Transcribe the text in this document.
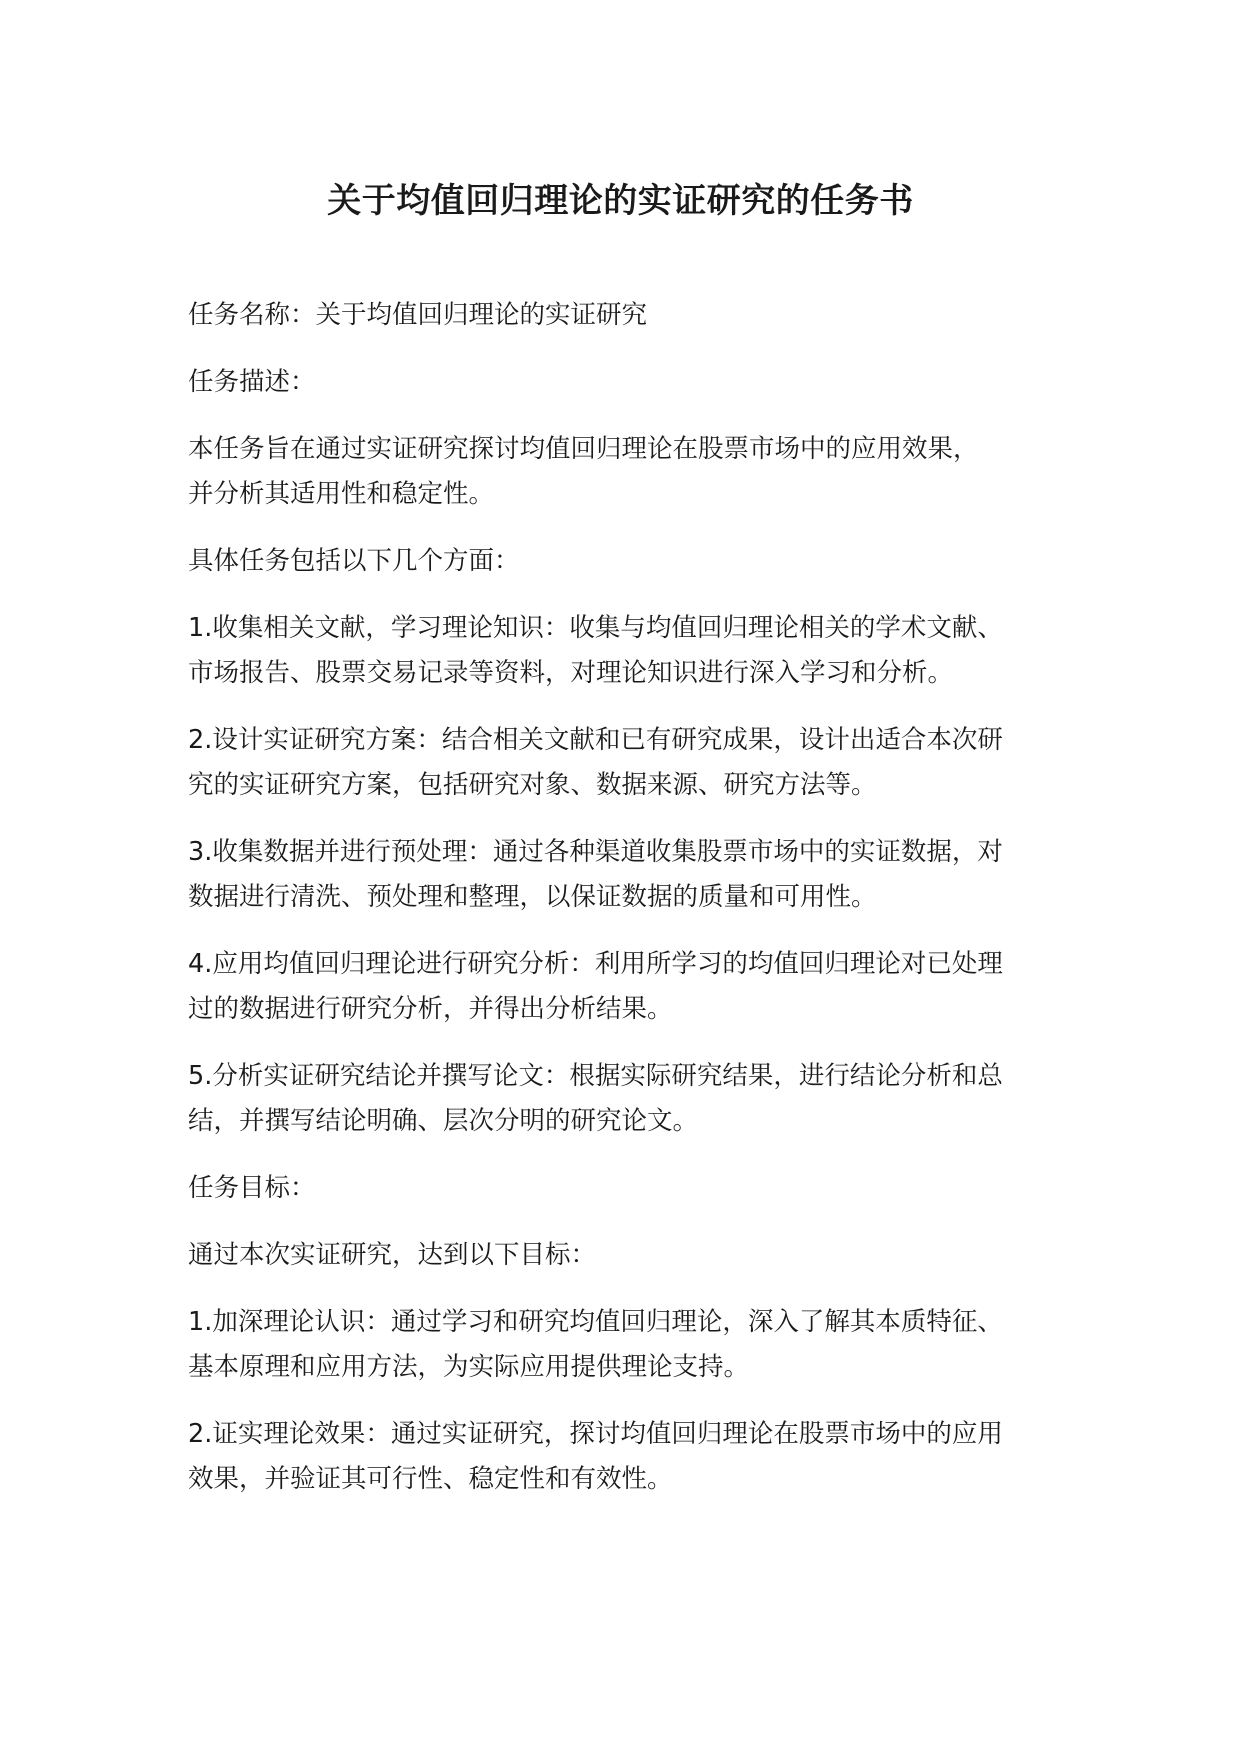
关于均值回归理论的实证研究的任务书

任务名称：关于均值回归理论的实证研究

任务描述：

本任务旨在通过实证研究探讨均值回归理论在股票市场中的应用效果，
并分析其适用性和稳定性。

具体任务包括以下几个方面：

1.收集相关文献，学习理论知识：收集与均值回归理论相关的学术文献、
市场报告、股票交易记录等资料，对理论知识进行深入学习和分析。

2.设计实证研究方案：结合相关文献和已有研究成果，设计出适合本次研
究的实证研究方案，包括研究对象、数据来源、研究方法等。

3.收集数据并进行预处理：通过各种渠道收集股票市场中的实证数据，对
数据进行清洗、预处理和整理，以保证数据的质量和可用性。

4.应用均值回归理论进行研究分析：利用所学习的均值回归理论对已处理
过的数据进行研究分析，并得出分析结果。

5.分析实证研究结论并撰写论文：根据实际研究结果，进行结论分析和总
结，并撰写结论明确、层次分明的研究论文。

任务目标：

通过本次实证研究，达到以下目标：

1.加深理论认识：通过学习和研究均值回归理论，深入了解其本质特征、
基本原理和应用方法，为实际应用提供理论支持。

2.证实理论效果：通过实证研究，探讨均值回归理论在股票市场中的应用
效果，并验证其可行性、稳定性和有效性。
